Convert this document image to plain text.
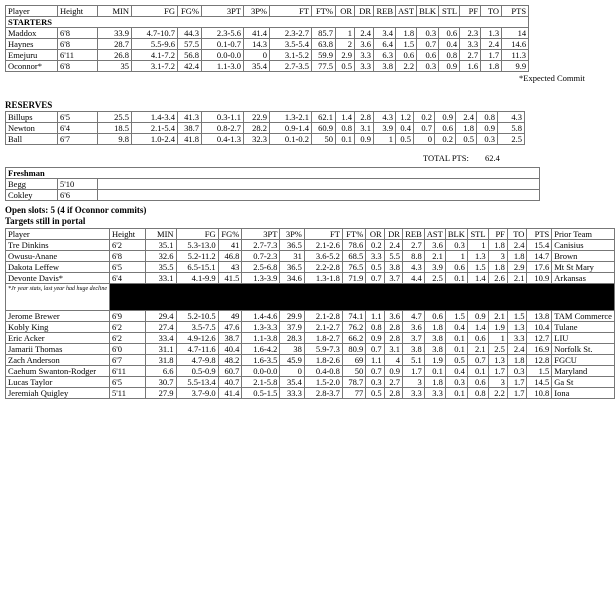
Player	Height	MIN	FG	FG%	3PT	3P%	FT	FT%	OR	DR	REB	AST	BLK	STL	PF	TO	PTS
STARTERS																	
Maddox	6'8	33.9	4.7-10.7	44.3	2.3-5.6	41.4	2.3-2.7	85.7	1	2.4	3.4	1.8	0.3	0.6	2.3	1.3	14
Haynes	6'8	28.7	5.5-9.6	57.5	0.1-0.7	14.3	3.5-5.4	63.8	2	3.6	6.4	1.5	0.7	0.4	3.3	2.4	14.6
Emejuru	6'11	26.8	4.1-7.2	56.8	0.0-0.0	0	3.1-5.2	59.9	2.9	3.3	6.3	0.6	0.6	0.8	2.7	1.7	11.3
Oconnor*	6'8	35	3.1-7.2	42.4	1.1-3.0	35.4	2.7-3.5	77.5	0.5	3.3	3.8	2.2	0.3	0.9	1.6	1.8	9.9
*Expected Commit
RESERVES
Billups	6'5	25.5	1.4-3.4	41.3	0.3-1.1	22.9	1.3-2.1	62.1	1.4	2.8	4.3	1.2	0.2	0.9	2.4	0.8	4.3
Newton	6'4	18.5	2.1-5.4	38.7	0.8-2.7	28.2	0.9-1.4	60.9	0.8	3.1	3.9	0.4	0.7	0.6	1.8	0.9	5.8
Ball	6'7	9.8	1.0-2.4	41.8	0.4-1.3	32.3	0.1-0.2	50	0.1	0.9	1	0.5	0	0.2	0.5	0.3	2.5
TOTAL PTS: 62.4
Freshman		
Begg	5'10	
Cokley	6'6	
Open slots: 5 (4 if Oconnor commits)
Targets still in portal
Player	Height	MIN	FG	FG%	3PT	3P%	FT	FT%	OR	DR	REB	AST	BLK	STL	PF	TO	PTS	Prior Team
Tre Dinkins	6'2	35.1	5.3-13.0	41	2.7-7.3	36.5	2.1-2.6	78.6	0.2	2.4	2.7	3.6	0.3	1	1.8	2.4	15.4	Canisius
Owusu-Anane	6'8	32.6	5.2-11.2	46.8	0.7-2.3	31	3.6-5.2	68.5	3.3	5.5	8.8	2.1	1	1.3	3	1.8	14.7	Brown
Dakota Leffew	6'5	35.5	6.5-15.1	43	2.5-6.8	36.5	2.2-2.8	76.5	0.5	3.8	4.3	3.9	0.6	1.5	1.8	2.9	17.6	Mt St Mary
Devonte Davis*	6'4	33.1	4.1-9.9	41.5	1.3-3.9	34.6	1.3-1.8	71.9	0.7	3.7	4.4	2.5	0.1	1.4	2.6	2.1	10.9	Arkansas
*Jr year stats, last year had huge decline																		
Jerome Brewer	6'9	29.4	5.2-10.5	49	1.4-4.6	29.9	2.1-2.8	74.1	1.1	3.6	4.7	0.6	1.5	0.9	2.1	1.5	13.8	TAM Commerce
Kobly King	6'2	27.4	3.5-7.5	47.6	1.3-3.3	37.9	2.1-2.7	76.2	0.8	2.8	3.6	1.8	0.4	1.4	1.9	1.3	10.4	Tulane
Eric Acker	6'2	33.4	4.9-12.6	38.7	1.1-3.8	28.3	1.8-2.7	66.2	0.9	2.8	3.7	3.8	0.1	0.6	1	3.3	12.7	LIU
Jamarii Thomas	6'0	31.1	4.7-11.6	40.4	1.6-4.2	38	5.9-7.3	80.9	0.7	3.1	3.8	3.8	0.1	2.1	2.5	2.4	16.9	Norfolk St.
Zach Anderson	6'7	31.8	4.7-9.8	48.2	1.6-3.5	45.9	1.8-2.6	69	1.1	4	5.1	1.9	0.5	0.7	1.3	1.8	12.8	FGCU
Caehum Swanton-Rodger	6'11	6.6	0.5-0.9	60.7	0.0-0.0	0	0.4-0.8	50	0.7	0.9	1.7	0.1	0.4	0.1	1.7	0.3	1.5	Maryland
Lucas Taylor	6'5	30.7	5.5-13.4	40.7	2.1-5.8	35.4	1.5-2.0	78.7	0.3	2.7	3	1.8	0.3	0.6	3	1.7	14.5	Ga St
Jeremiah Quigley	5'11	27.9	3.7-9.0	41.4	0.5-1.5	33.3	2.8-3.7	77	0.5	2.8	3.3	3.3	0.1	0.8	2.2	1.7	10.8	Iona
